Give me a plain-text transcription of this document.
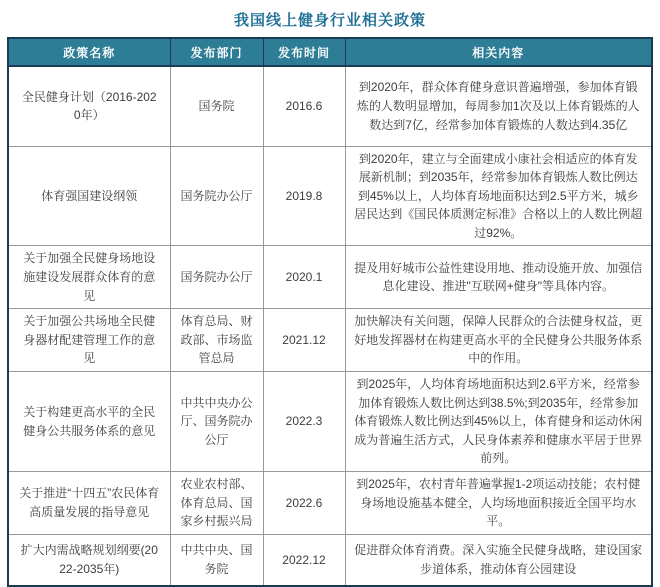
我国线上健身行业相关政策
政策名称	发布部门	发布时间	相关内容
全民健身计划（2016-2020年）	国务院	2016.6	到2020年，群众体育健身意识普遍增强，参加体育锻炼的人数明显增加，每周参加1次及以上体育锻炼的人数达到7亿，经常参加体育锻炼的人数达到4.35亿
体育强国建设纲领	国务院办公厅	2019.8	到2020年，建立与全面建成小康社会相适应的体育发展新机制；到2035年，经常参加体育锻炼人数比例达到45%以上，人均体育场地面积达到2.5平方米，城乡居民达到《国民体质测定标准》合格以上的人数比例超过92%。
关于加强全民健身场地设施建设发展群众体育的意见	国务院办公厅	2020.1	提及用好城市公益性建设用地、推动设施开放、加强信息化建设、推进"互联网+健身"等具体内容。
关于加强公共场地全民健身器材配建管理工作的意见	体育总局、财政部、市场监管总局	2021.12	加快解决有关问题，保障人民群众的合法健身权益，更好地发挥器材在构建更高水平的全民健身公共服务体系中的作用。
关于构建更高水平的全民健身公共服务体系的意见	中共中央办公厅、国务院办公厅	2022.3	到2025年，人均体育场地面积达到2.6平方米，经常参加体育锻炼人数比例达到38.5%;到2035年，经常参加体育锻炼人数比例达到45%以上，体育健身和运动休闲成为普遍生活方式，人民身体素养和健康水平居于世界前列。
关于推进“十四五”农民体育高质量发展的指导意见	农业农村部、体育总局、国家乡村振兴局	2022.6	到2025年，农村青年普遍掌握1-2项运动技能；农村健身场地设施基本健全，人均场地面积接近全国平均水平。
扩大内需战略规划纲要(2022-2035年)	中共中央、国务院	2022.12	促进群众体育消费。深入实施全民健身战略，建设国家步道体系，推动体育公园建设
